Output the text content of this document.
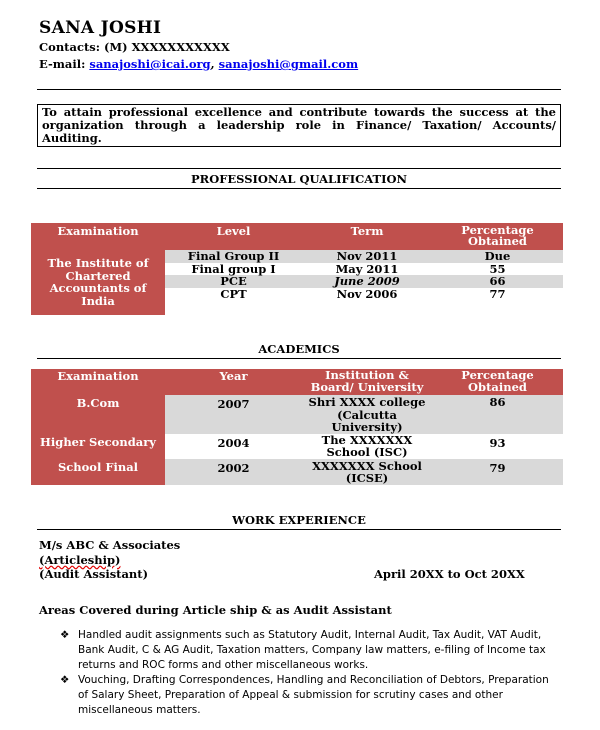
SANA JOSHI
Contacts: (M) XXXXXXXXXXX
E-mail: sanajoshi@icai.org, sanajoshi@gmail.com
To attain professional excellence and contribute towards the success at the organization through a leadership role in Finance/ Taxation/ Accounts/ Auditing.
PROFESSIONAL QUALIFICATION
Examination	Level	Term	Percentage Obtained
The Institute of Chartered Accountants of India	Final Group II	Nov 2011	Due
	Final group I	May 2011	55
	PCE	June 2009	66
	CPT	Nov 2006	77
ACADEMICS
Examination	Year	Institution & Board/ University	Percentage Obtained
B.Com	2007	Shri XXXX college (Calcutta University)	86
Higher Secondary	2004	The XXXXXXX School (ISC)	93
School Final	2002	XXXXXXX School (ICSE)	79
WORK EXPERIENCE
M/s ABC & Associates
(Articleship)
(Audit Assistant)	April 20XX to Oct 20XX
Areas Covered during Article ship & as Audit Assistant
❖ Handled audit assignments such as Statutory Audit, Internal Audit, Tax Audit, VAT Audit, Bank Audit, C & AG Audit, Taxation matters, Company law matters, e-filing of Income tax returns and ROC forms and other miscellaneous works.
❖ Vouching, Drafting Correspondences, Handling and Reconciliation of Debtors, Preparation of Salary Sheet, Preparation of Appeal & submission for scrutiny cases and other miscellaneous matters.
